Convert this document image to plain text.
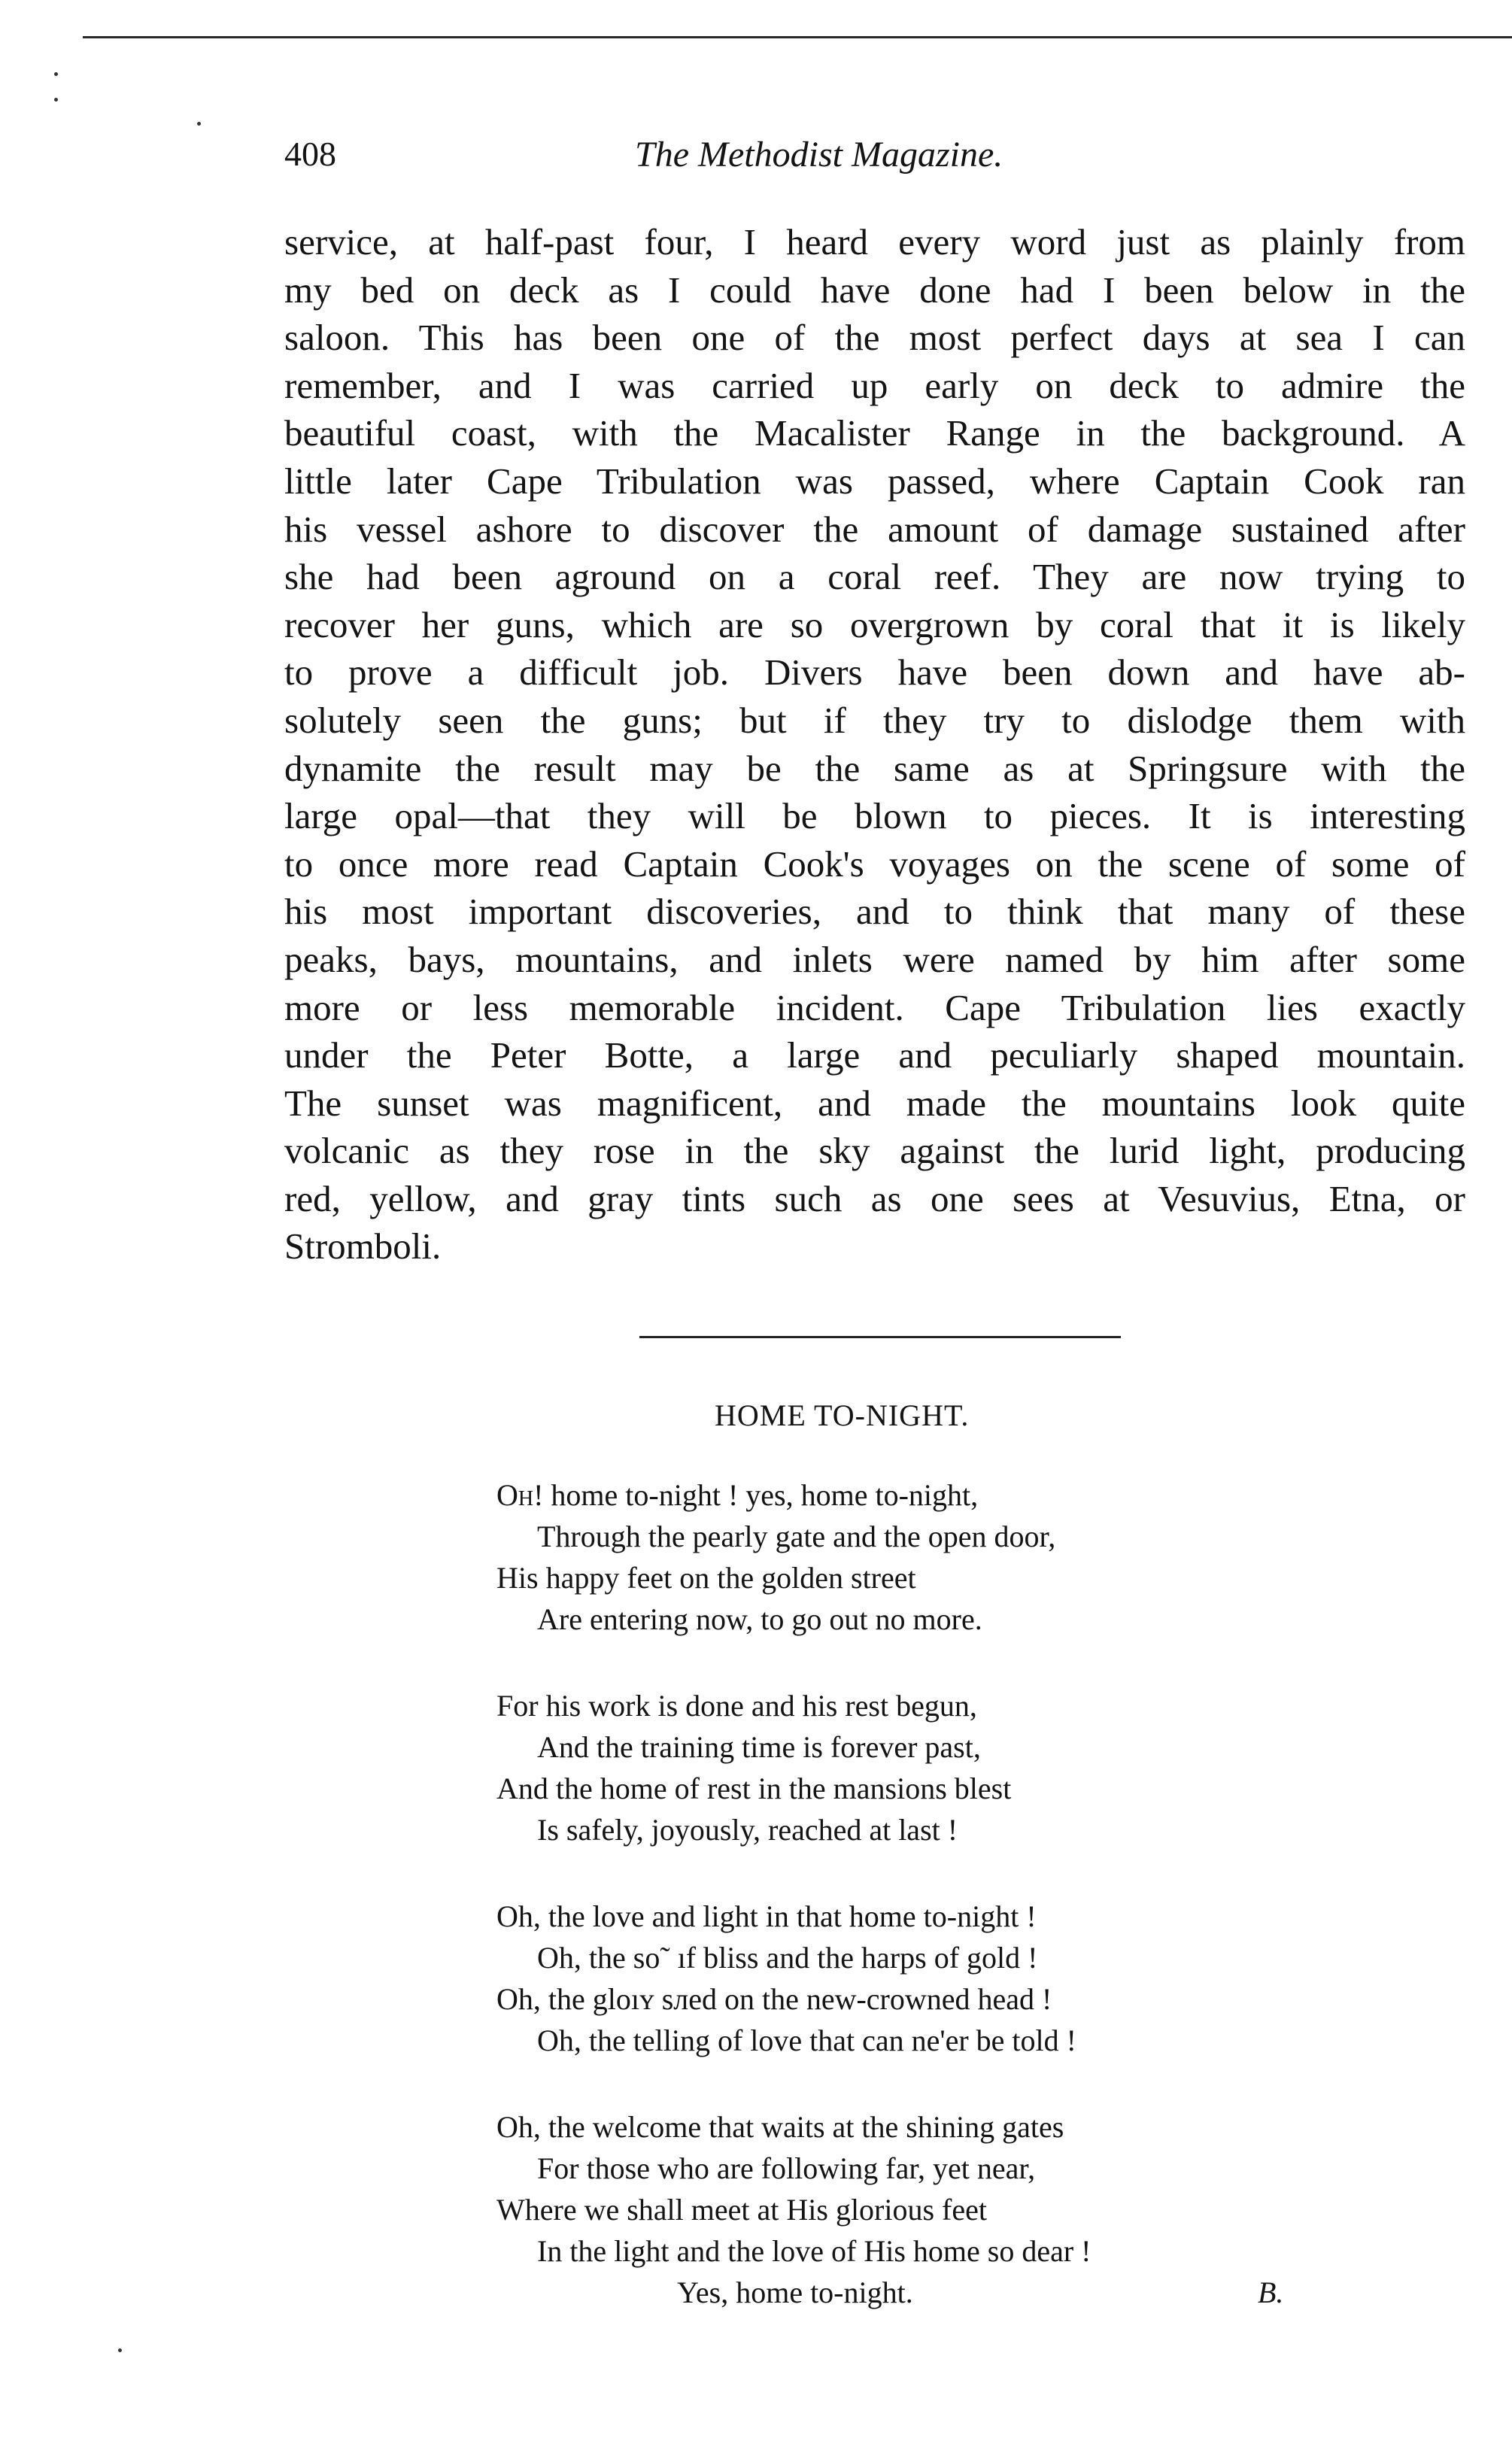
408	The Methodist Magazine.
service, at half-past four, I heard every word just as plainly from
my bed on deck as I could have done had I been below in the
saloon. This has been one of the most perfect days at sea I can
remember, and I was carried up early on deck to admire the
beautiful coast, with the Macalister Range in the background. A
little later Cape Tribulation was passed, where Captain Cook ran
his vessel ashore to discover the amount of damage sustained after
she had been aground on a coral reef. They are now trying to
recover her guns, which are so overgrown by coral that it is likely
to prove a difficult job. Divers have been down and have ab-
solutely seen the guns; but if they try to dislodge them with
dynamite the result may be the same as at Springsure with the
large opal—that they will be blown to pieces. It is interesting
to once more read Captain Cook's voyages on the scene of some of
his most important discoveries, and to think that many of these
peaks, bays, mountains, and inlets were named by him after some
more or less memorable incident. Cape Tribulation lies exactly
under the Peter Botte, a large and peculiarly shaped mountain.
The sunset was magnificent, and made the mountains look quite
volcanic as they rose in the sky against the lurid light, producing
red, yellow, and gray tints such as one sees at Vesuvius, Etna, or
Stromboli.
HOME TO-NIGHT.
Oh! home to-night ! yes, home to-night,
Through the pearly gate and the open door,
His happy feet on the golden street
Are entering now, to go out no more.
For his work is done and his rest begun,
And the training time is forever past,
And the home of rest in the mansions blest
Is safely, joyously, reached at last !
Oh, the love and light in that home to-night !
Oh, the so˜ ıf bliss and the harps of gold !
Oh, the gloıʏ ѕлеd on the new-crowned head !
Oh, the telling of love that can ne'er be told !
Oh, the welcome that waits at the shining gates
For those who are following far, yet near,
Where we shall meet at His glorious feet
In the light and the love of His home so dear !
Yes, home to-night.	B.
